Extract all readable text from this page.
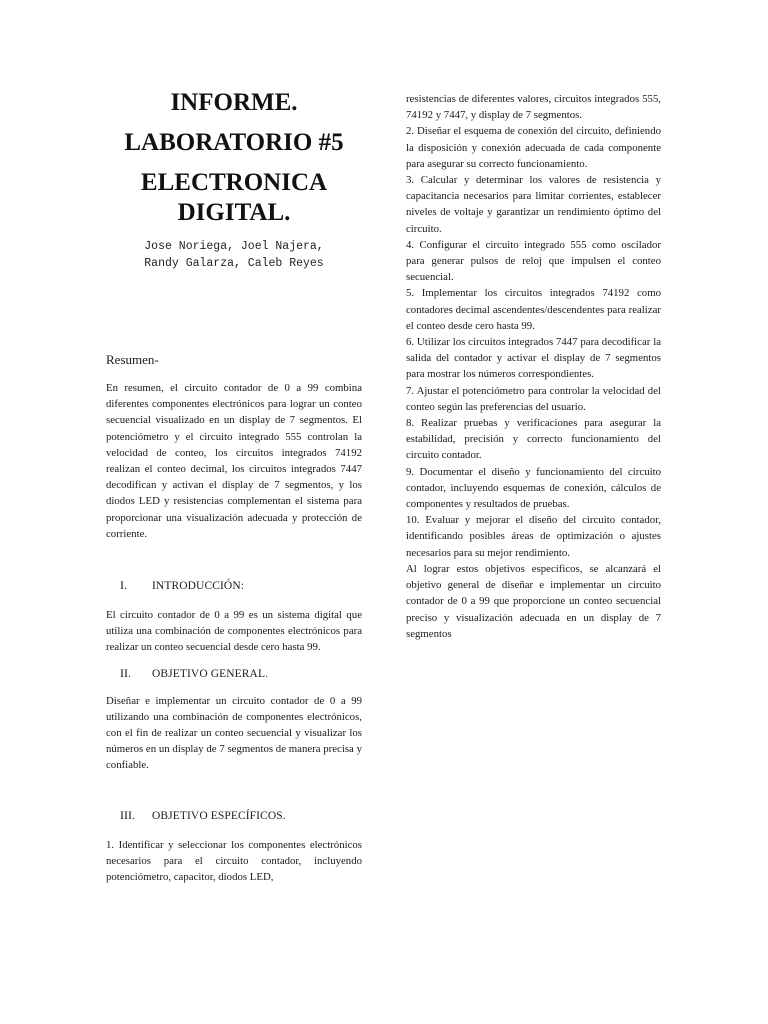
INFORME.
LABORATORIO #5
ELECTRONICA
DIGITAL.
Jose Noriega, Joel Najera,
Randy Galarza, Caleb Reyes
Resumen-

En resumen, el circuito contador de 0 a 99 combina diferentes componentes electrónicos para lograr un conteo secuencial visualizado en un display de 7 segmentos. El potenciómetro y el circuito integrado 555 controlan la velocidad de conteo, los circuitos integrados 74192 realizan el conteo decimal, los circuitos integrados 7447 decodifican y activan el display de 7 segmentos, y los diodos LED y resistencias complementan el sistema para proporcionar una visualización adecuada y protección de corriente.

I.	INTRODUCCIÓN:

El circuito contador de 0 a 99 es un sistema digital que utiliza una combinación de componentes electrónicos para realizar un conteo secuencial desde cero hasta 99.

II.	OBJETIVO GENERAL.

Diseñar e implementar un circuito contador de 0 a 99 utilizando una combinación de componentes electrónicos, con el fin de realizar un conteo secuencial y visualizar los números en un display de 7 segmentos de manera precisa y confiable.

III.	OBJETIVO ESPECÍFICOS.

1. Identificar y seleccionar los componentes electrónicos necesarios para el circuito contador, incluyendo potenciómetro, capacitor, diodos LED,

resistencias de diferentes valores, circuitos integrados 555, 74192 y 7447, y display de 7 segmentos.

2. Diseñar el esquema de conexión del circuito, definiendo la disposición y conexión adecuada de cada componente para asegurar su correcto funcionamiento.

3. Calcular y determinar los valores de resistencia y capacitancia necesarios para limitar corrientes, establecer niveles de voltaje y garantizar un rendimiento óptimo del circuito.

4. Configurar el circuito integrado 555 como oscilador para generar pulsos de reloj que impulsen el conteo secuencial.

5. Implementar los circuitos integrados 74192 como contadores decimal ascendentes/descendentes para realizar el conteo desde cero hasta 99.

6. Utilizar los circuitos integrados 7447 para decodificar la salida del contador y activar el display de 7 segmentos para mostrar los números correspondientes.

7. Ajustar el potenciómetro para controlar la velocidad del conteo según las preferencias del usuario.

8. Realizar pruebas y verificaciones para asegurar la estabilidad, precisión y correcto funcionamiento del circuito contador.

9. Documentar el diseño y funcionamiento del circuito contador, incluyendo esquemas de conexión, cálculos de componentes y resultados de pruebas.

10. Evaluar y mejorar el diseño del circuito contador, identificando posibles áreas de optimización o ajustes necesarios para su mejor rendimiento.

Al lograr estos objetivos específicos, se alcanzará el objetivo general de diseñar e implementar un circuito contador de 0 a 99 que proporcione un conteo secuencial preciso y visualización adecuada en un display de 7 segmentos
